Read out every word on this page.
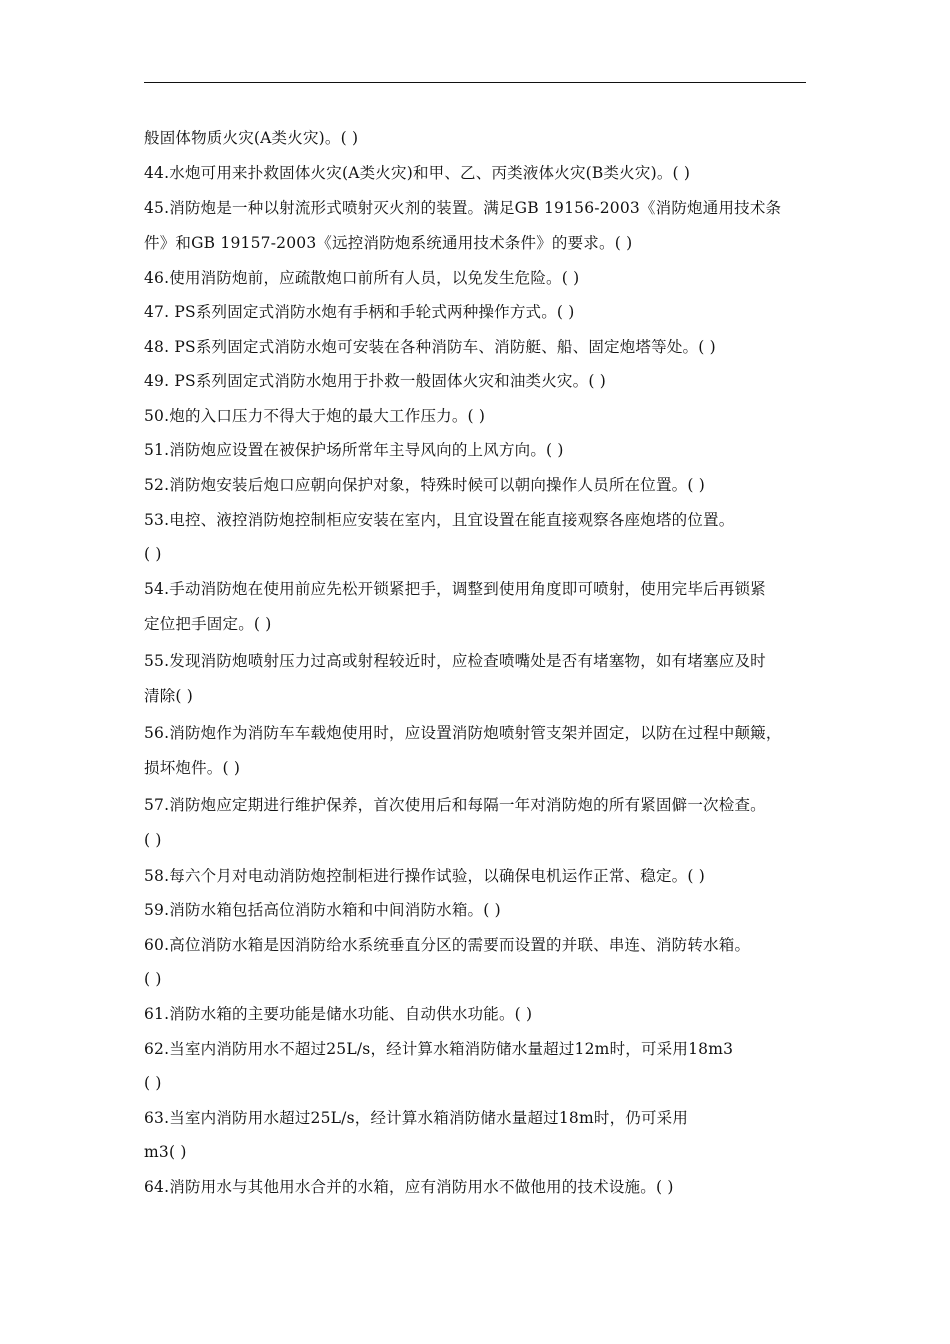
般固体物质火灾(A类火灾)。( )
44.水炮可用来扑救固体火灾(A类火灾)和甲、乙、丙类液体火灾(B类火灾)。( )
45.消防炮是一种以射流形式喷射灭火剂的装置。满足GB 19156-2003《消防炮通用技术条
件》和GB 19157-2003《远控消防炮系统通用技术条件》的要求。( )
46.使用消防炮前，应疏散炮口前所有人员，以免发生危险。( )
47. PS系列固定式消防水炮有手柄和手轮式两种操作方式。( )
48. PS系列固定式消防水炮可安装在各种消防车、消防艇、船、固定炮塔等处。( )
49. PS系列固定式消防水炮用于扑救一般固体火灾和油类火灾。( )
50.炮的入口压力不得大于炮的最大工作压力。( )
51.消防炮应设置在被保护场所常年主导风向的上风方向。( )
52.消防炮安装后炮口应朝向保护对象，特殊时候可以朝向操作人员所在位置。( )
53.电控、液控消防炮控制柜应安装在室内，且宜设置在能直接观察各座炮塔的位置。
( )
54.手动消防炮在使用前应先松开锁紧把手，调整到使用角度即可喷射，使用完毕后再锁紧
定位把手固定。( )
55.发现消防炮喷射压力过高或射程较近时，应检查喷嘴处是否有堵塞物，如有堵塞应及时
清除( )
56.消防炮作为消防车车载炮使用时，应设置消防炮喷射管支架并固定，以防在过程中颠簸，
损坏炮件。( )
57.消防炮应定期进行维护保养，首次使用后和每隔一年对消防炮的所有紧固僻一次检查。
( )
58.每六个月对电动消防炮控制柜进行操作试验，以确保电机运作正常、稳定。( )
59.消防水箱包括高位消防水箱和中间消防水箱。( )
60.高位消防水箱是因消防给水系统垂直分区的需要而设置的并联、串连、消防转水箱。
( )
61.消防水箱的主要功能是储水功能、自动供水功能。( )
62.当室内消防用水不超过25L/s，经计算水箱消防储水量超过12m时，可采用18m3
( )
63.当室内消防用水超过25L/s，经计算水箱消防储水量超过18m时，仍可采用
m3( )
64.消防用水与其他用水合并的水箱，应有消防用水不做他用的技术设施。( )
